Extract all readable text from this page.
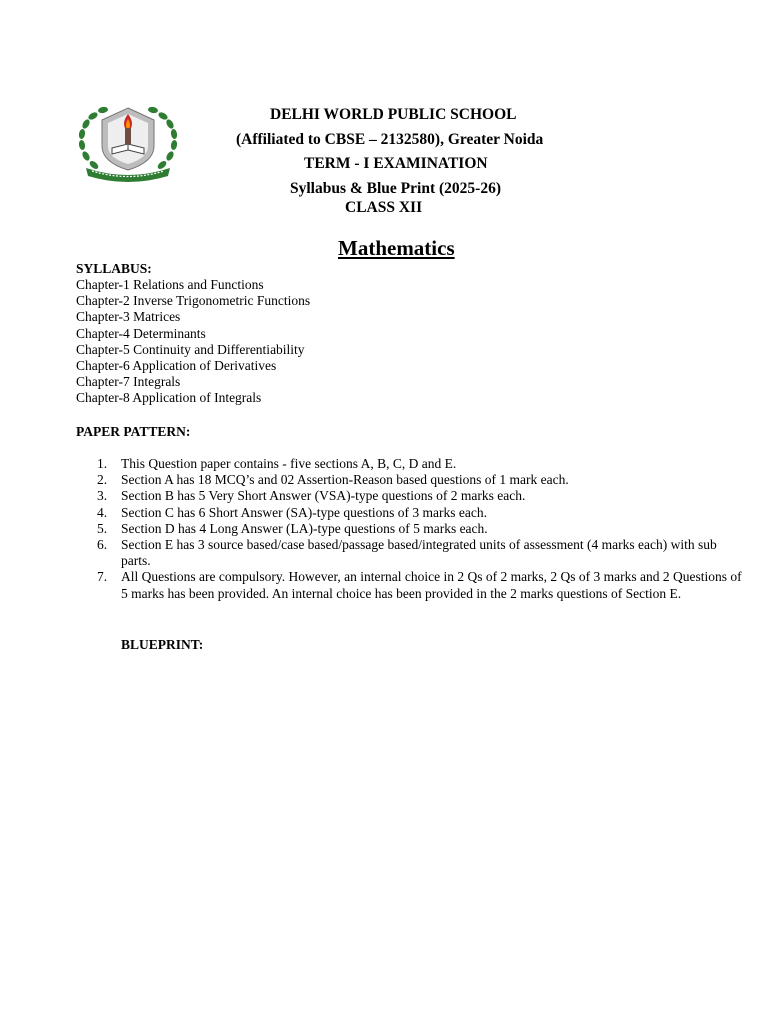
DELHI WORLD PUBLIC SCHOOL
(Affiliated to CBSE – 2132580), Greater Noida
TERM - I EXAMINATION
Syllabus & Blue Print (2025-26)
CLASS XII
Mathematics
SYLLABUS:
Chapter-1 Relations and Functions
Chapter-2 Inverse Trigonometric Functions
Chapter-3 Matrices
Chapter-4 Determinants
Chapter-5 Continuity and Differentiability
Chapter-6 Application of Derivatives
Chapter-7 Integrals
Chapter-8 Application of Integrals
PAPER PATTERN:
1.	This Question paper contains - five sections A, B, C, D and E.
2.	Section A has 18 MCQ’s and 02 Assertion-Reason based questions of 1 mark each.
3.	Section B has 5 Very Short Answer (VSA)-type questions of 2 marks each.
4.	Section C has 6 Short Answer (SA)-type questions of 3 marks each.
5.	Section D has 4 Long Answer (LA)-type questions of 5 marks each.
6.	Section E has 3 source based/case based/passage based/integrated units of assessment (4 marks each) with sub parts.
7.	All Questions are compulsory. However, an internal choice in 2 Qs of 2 marks, 2 Qs of 3 marks and 2 Questions of 5 marks has been provided. An internal choice has been provided in the 2 marks questions of Section E.
BLUEPRINT:
